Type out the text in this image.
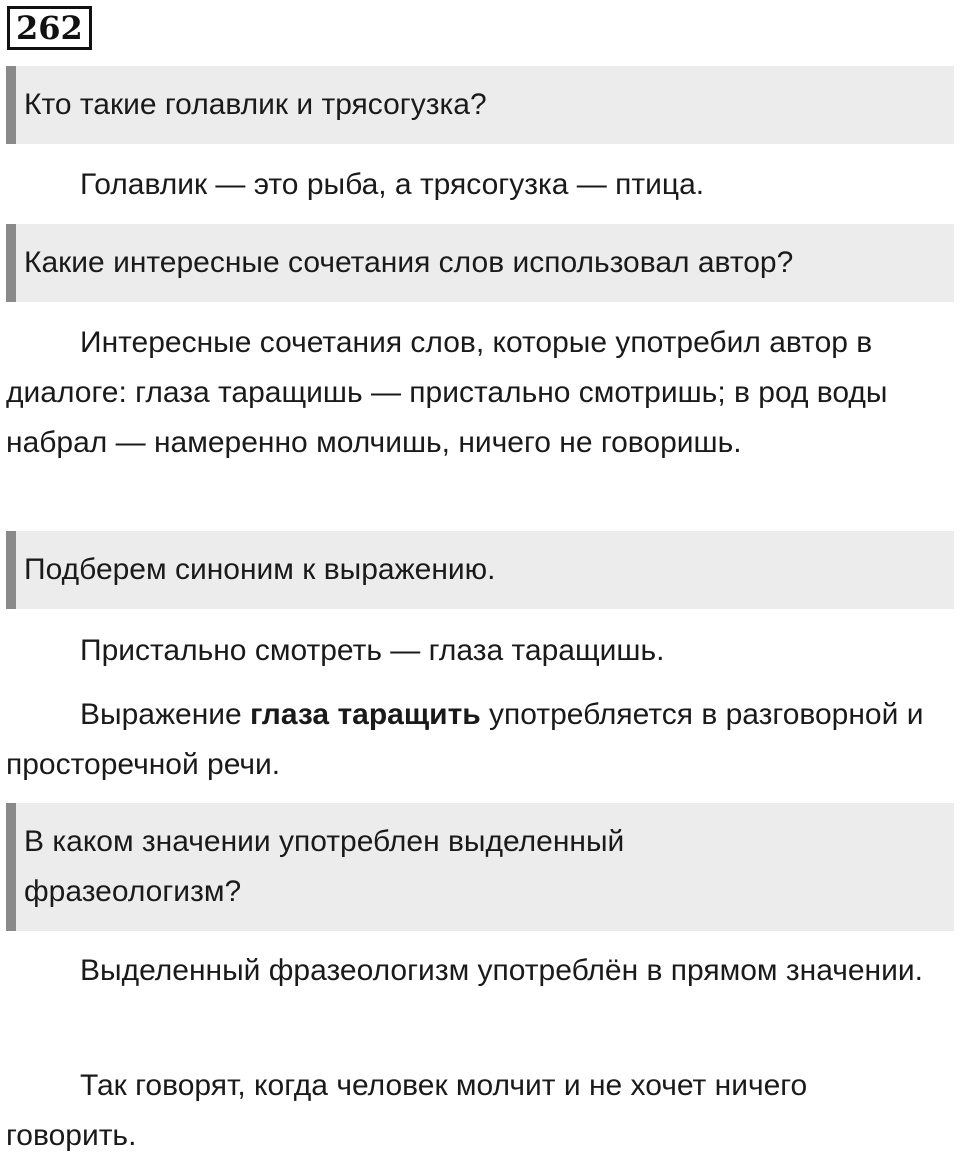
262
Кто такие голавлик и трясогузка?

Голавлик — это рыба, а трясогузка — птица.

Какие интересные сочетания слов использовал автор?

Интересные сочетания слов, которые употребил автор в диалоге: глаза таращишь — пристально смотришь; в род воды набрал — намеренно молчишь, ничего не говоришь.

Подберем синоним к выражению.

Пристально смотреть — глаза таращишь.

Выражение глаза таращить употребляется в разговорной и просторечной речи.

В каком значении употреблен выделенный фразеологизм?

Выделенный фразеологизм употреблён в прямом значении.

Так говорят, когда человек молчит и не хочет ничего говорить.
